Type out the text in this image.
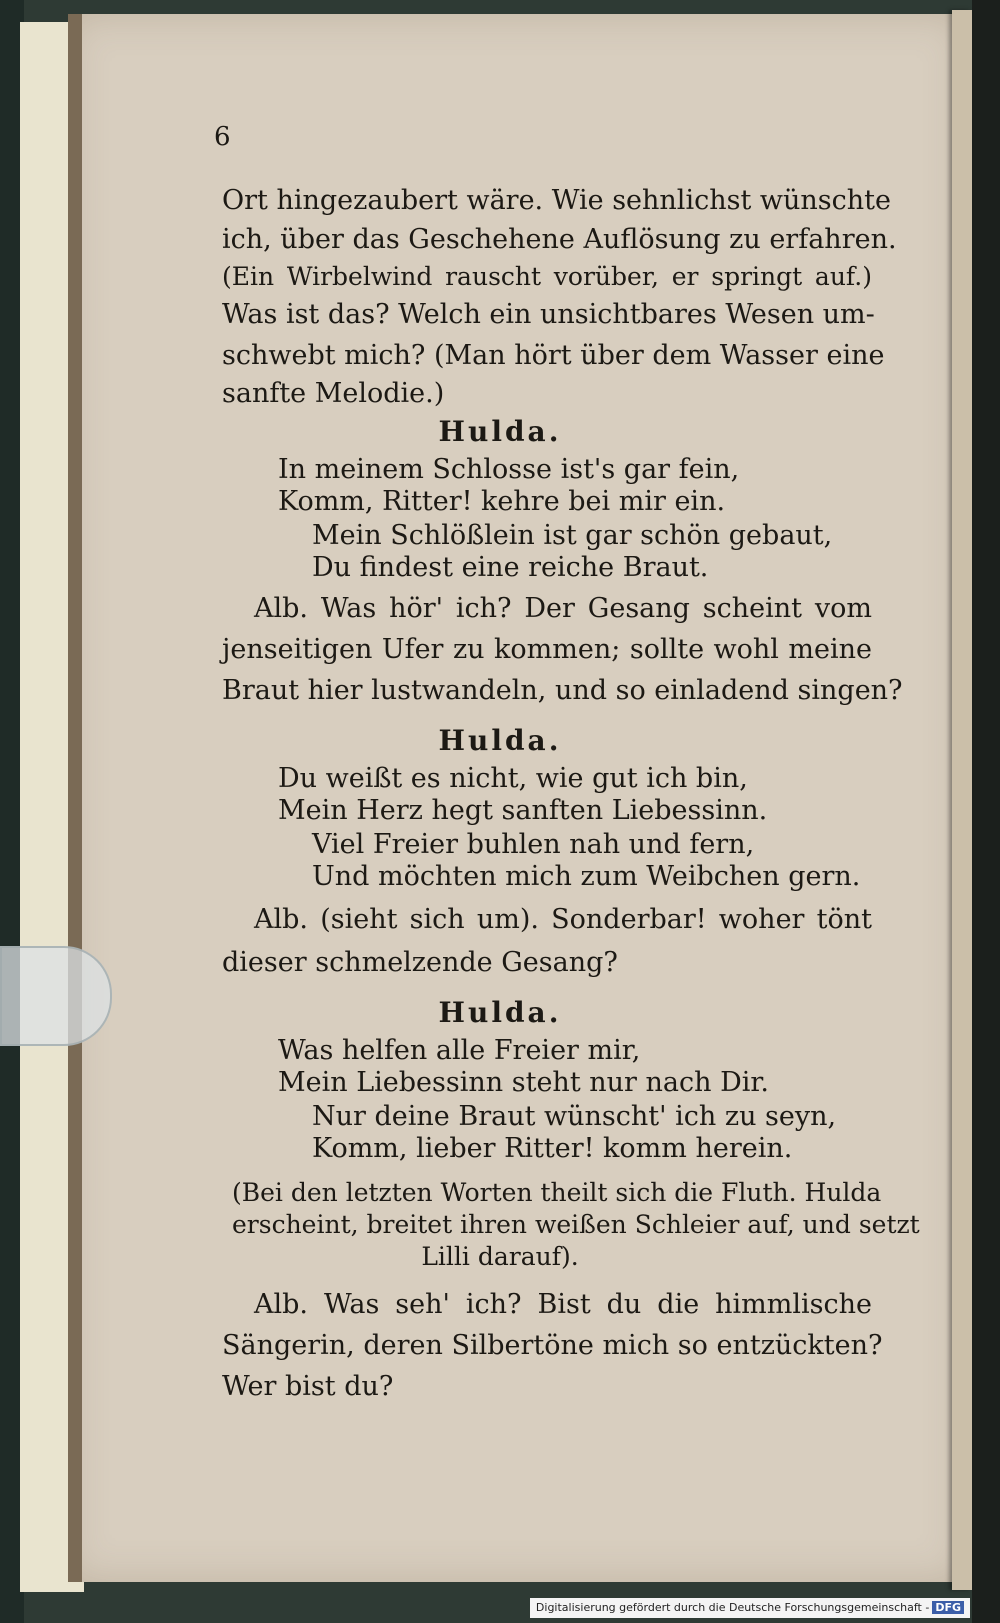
6
Ort hingezaubert wäre. Wie sehnlichst wünschte
ich, über das Geschehene Auflösung zu erfahren.
(Ein Wirbelwind rauscht vorüber, er springt auf.)
Was ist das? Welch ein unsichtbares Wesen um-
schwebt mich? (Man hört über dem Wasser eine
sanfte Melodie.)
Hulda.
In meinem Schlosse ist's gar fein,
Komm, Ritter! kehre bei mir ein.
Mein Schlößlein ist gar schön gebaut,
Du findest eine reiche Braut.
Alb. Was hör' ich? Der Gesang scheint vom
jenseitigen Ufer zu kommen; sollte wohl meine
Braut hier lustwandeln, und so einladend singen?
Hulda.
Du weißt es nicht, wie gut ich bin,
Mein Herz hegt sanften Liebessinn.
Viel Freier buhlen nah und fern,
Und möchten mich zum Weibchen gern.
Alb. (sieht sich um). Sonderbar! woher tönt
dieser schmelzende Gesang?
Hulda.
Was helfen alle Freier mir,
Mein Liebessinn steht nur nach Dir.
Nur deine Braut wünscht' ich zu seyn,
Komm, lieber Ritter! komm herein.
(Bei den letzten Worten theilt sich die Fluth. Hulda
erscheint, breitet ihren weißen Schleier auf, und setzt
Lilli darauf).
Alb. Was seh' ich? Bist du die himmlische
Sängerin, deren Silbertöne mich so entzückten?
Wer bist du?
Digitalisierung gefördert durch die Deutsche Forschungsgemeinschaft - DFG
